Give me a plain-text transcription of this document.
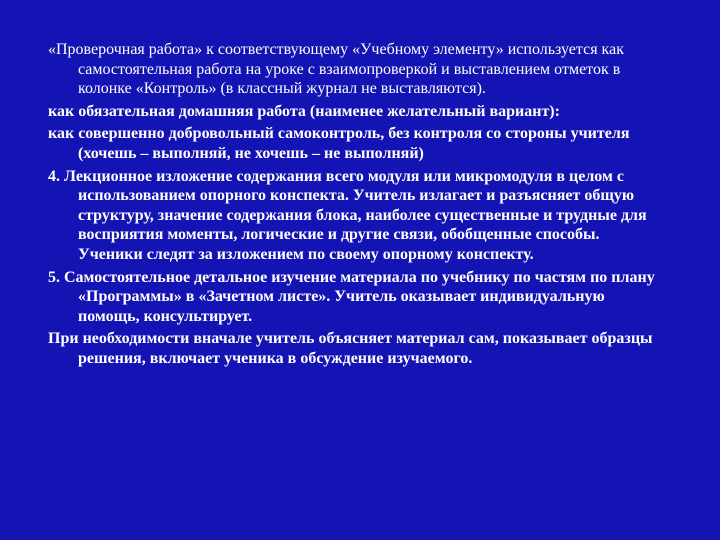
«Проверочная работа» к соответствующему «Учебному элементу» используется как самостоятельная работа на уроке с взаимопроверкой и выставлением отметок в колонке «Контроль» (в классный журнал не выставляются).

как обязательная домашняя работа (наименее желательный вариант):

как совершенно добровольный самоконтроль, без контроля со стороны учителя (хочешь – выполняй, не хочешь – не выполняй)

4. Лекционное изложение содержания всего модуля или микромодуля в целом с использованием опорного конспекта. Учитель излагает и разъясняет общую структуру, значение содержания блока, наиболее существенные и трудные для восприятия моменты, логические и другие связи, обобщенные способы. Ученики следят за изложением по своему опорному конспекту.

5. Самостоятельное детальное изучение материала по учебнику по частям по плану «Программы» в «Зачетном листе». Учитель оказывает индивидуальную помощь, консультирует.

При необходимости вначале учитель объясняет материал сам, показывает образцы решения, включает ученика в обсуждение изучаемого.
